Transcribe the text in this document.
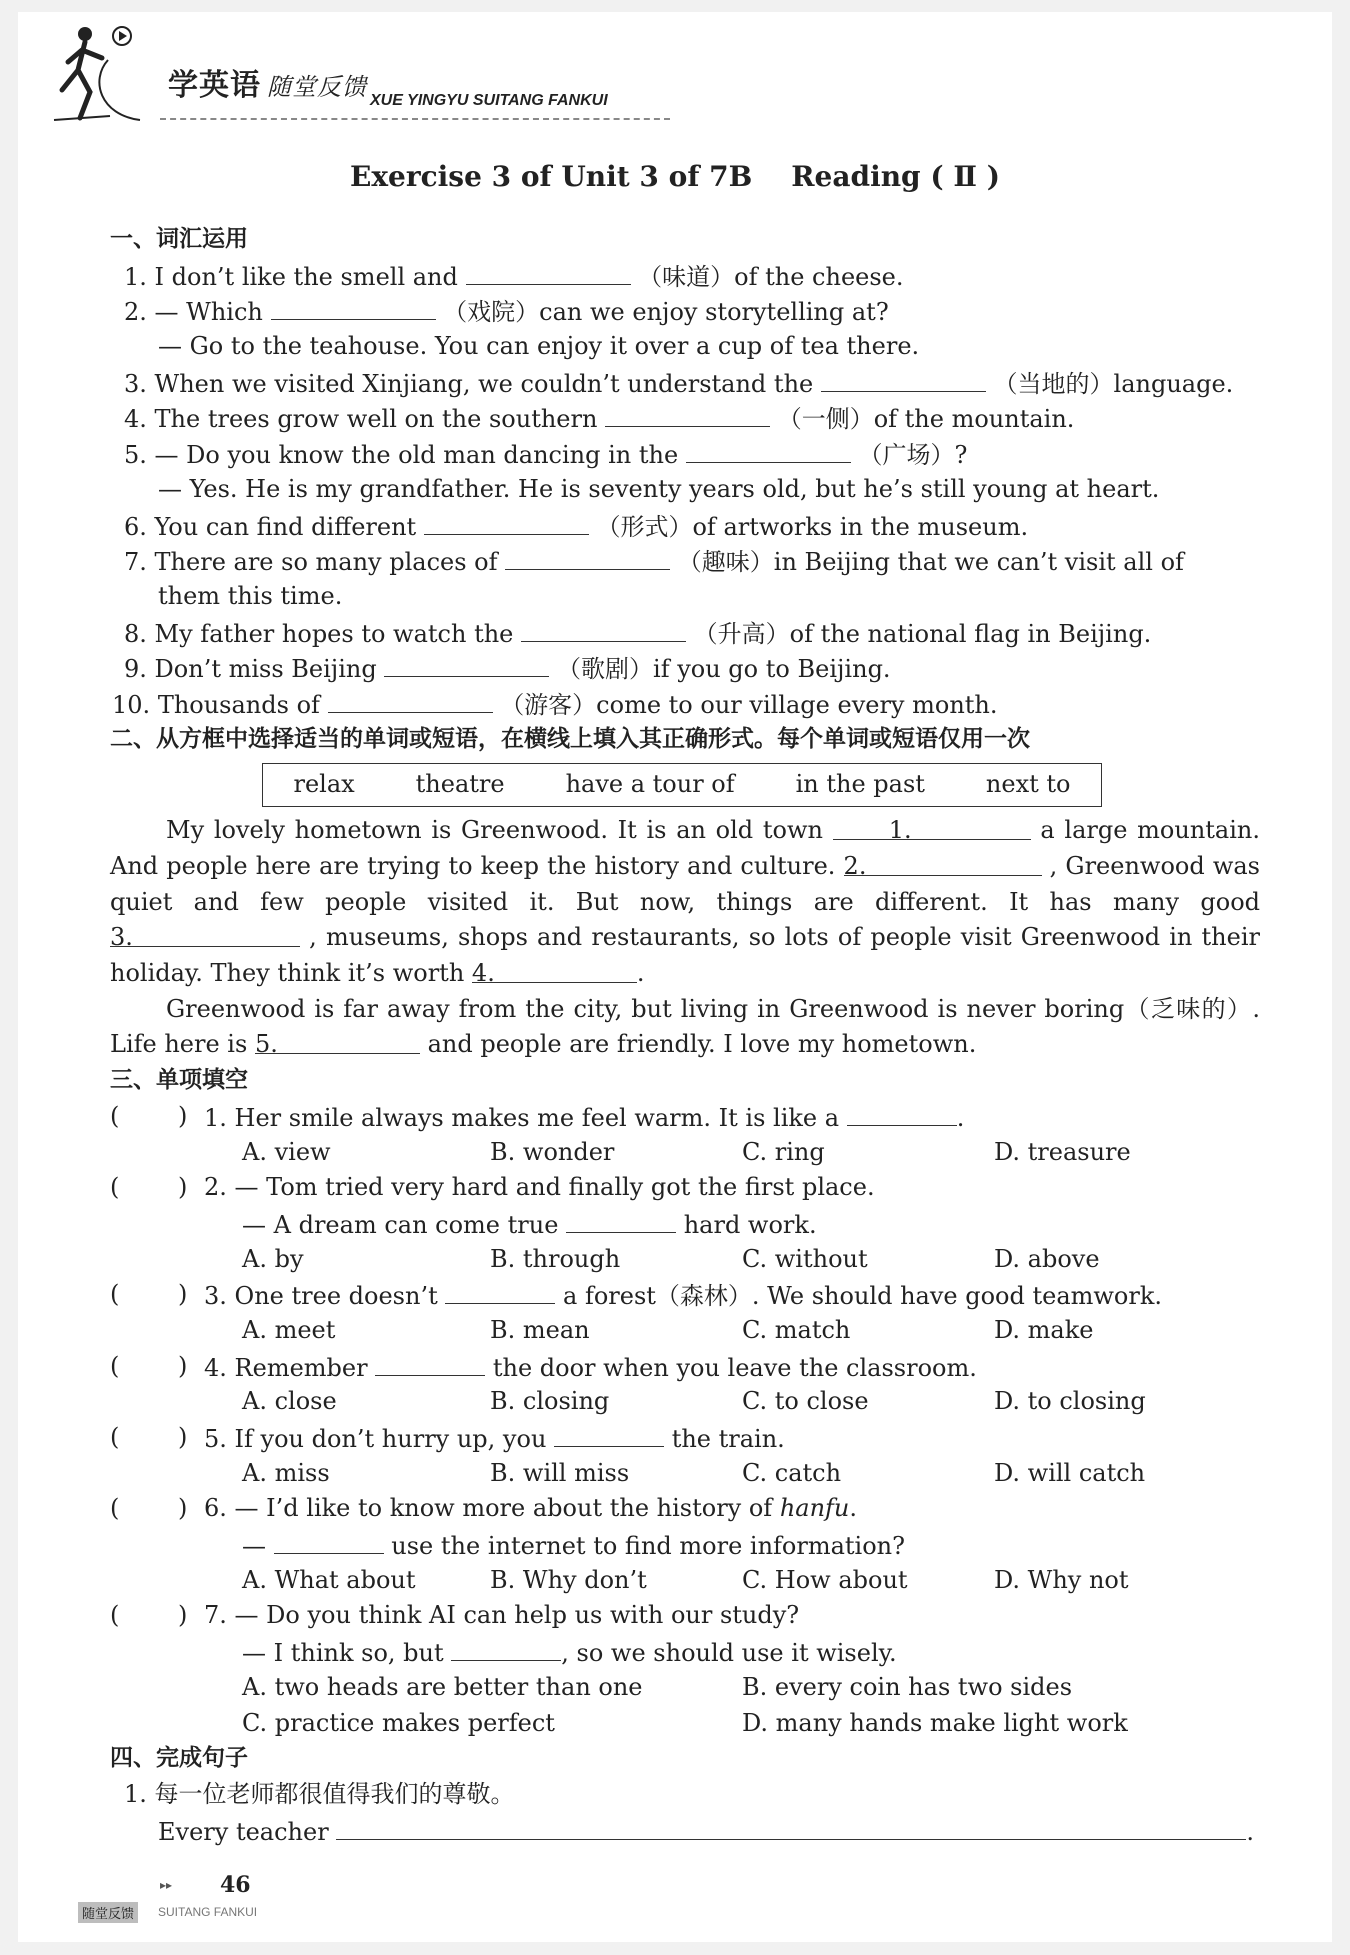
学英语 随堂反馈 XUE YINGYU SUITANG FANKUI
Exercise 3 of Unit 3 of 7B    Reading ( Ⅱ )
一、词汇运用
1. I don’t like the smell and	（味道）of the cheese.
2. — Which	（戏院）can we enjoy storytelling at?
— Go to the teahouse. You can enjoy it over a cup of tea there.
3. When we visited Xinjiang, we couldn’t understand the	（当地的）language.
4. The trees grow well on the southern	（一侧）of the mountain.
5. — Do you know the old man dancing in the	（广场）?
— Yes. He is my grandfather. He is seventy years old, but he’s still young at heart.
6. You can find different	（形式）of artworks in the museum.
7. There are so many places of	（趣味）in Beijing that we can’t visit all of
them this time.
8. My father hopes to watch the	（升高）of the national flag in Beijing.
9. Don’t miss Beijing	（歌剧）if you go to Beijing.
10. Thousands of	（游客）come to our village every month.
二、从方框中选择适当的单词或短语，在横线上填入其正确形式。每个单词或短语仅用一次
relax	theatre	have a tour of	in the past	next to
My lovely hometown is Greenwood. It is an old town	1.	a large mountain.
And people here are trying to keep the history and culture. 2.	, Greenwood was
quiet and few people visited it. But now, things are different. It has many good
3.	, museums, shops and restaurants, so lots of people visit Greenwood in their
holiday. They think it’s worth 4.	.
Greenwood is far away from the city, but living in Greenwood is never boring（乏味的）.
Life here is 5.	and people are friendly. I love my hometown.
三、单项填空
( ) 1. Her smile always makes me feel warm. It is like a	.
A. view	B. wonder	C. ring	D. treasure
( ) 2. — Tom tried very hard and finally got the first place.
— A dream can come true	hard work.
A. by	B. through	C. without	D. above
( ) 3. One tree doesn’t	a forest（森林）. We should have good teamwork.
A. meet	B. mean	C. match	D. make
( ) 4. Remember	the door when you leave the classroom.
A. close	B. closing	C. to close	D. to closing
( ) 5. If you don’t hurry up, you	the train.
A. miss	B. will miss	C. catch	D. will catch
( ) 6. — I’d like to know more about the history of hanfu.
—	use the internet to find more information?
A. What about	B. Why don’t	C. How about	D. Why not
( ) 7. — Do you think AI can help us with our study?
— I think so, but	, so we should use it wisely.
A. two heads are better than one	B. every coin has two sides
C. practice makes perfect	D. many hands make light work
四、完成句子
1. 每一位老师都很值得我们的尊敬。
Every teacher	.
▸▸ 46
随堂反馈	SUITANG FANKUI
